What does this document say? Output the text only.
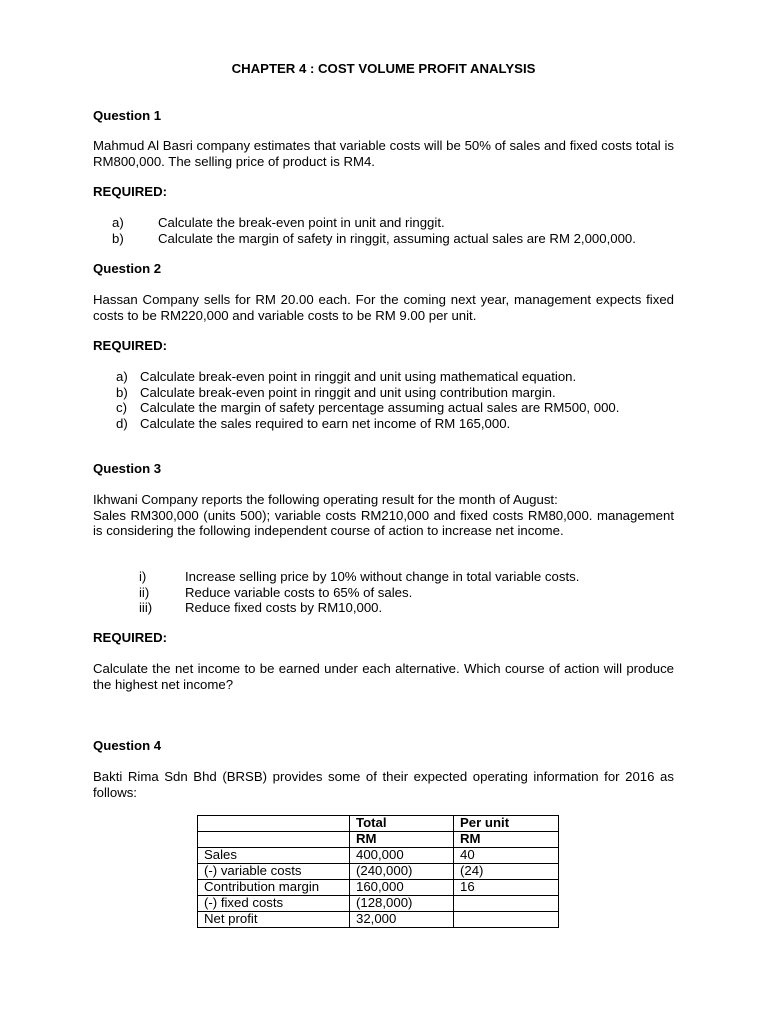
CHAPTER 4 : COST VOLUME PROFIT ANALYSIS
Question 1
Mahmud Al Basri company estimates that variable costs will be 50% of sales and fixed costs total is RM800,000. The selling price of product is RM4.
REQUIRED:
a)	Calculate the break-even point in unit and ringgit.
b)	Calculate the margin of safety in ringgit, assuming actual sales are RM 2,000,000.
Question 2
Hassan Company sells for RM 20.00 each. For the coming next year, management expects fixed costs to be RM220,000 and variable costs to be RM 9.00 per unit.
REQUIRED:
a) Calculate break-even point in ringgit and unit using mathematical equation.
b) Calculate break-even point in ringgit and unit using contribution margin.
c) Calculate the margin of safety percentage assuming actual sales are RM500, 000.
d) Calculate the sales required to earn net income of RM 165,000.
Question 3
Ikhwani Company reports the following operating result for the month of August:
Sales RM300,000 (units 500); variable costs RM210,000 and fixed costs RM80,000. management is considering the following independent course of action to increase net income.
i)	Increase selling price by 10% without change in total variable costs.
ii)	Reduce variable costs to 65% of sales.
iii) Reduce fixed costs by RM10,000.
REQUIRED:
Calculate the net income to be earned under each alternative. Which course of action will produce the highest net income?
Question 4
Bakti Rima Sdn Bhd (BRSB) provides some of their expected operating information for 2016 as follows:
	Total	Per unit
	RM	RM
Sales	400,000	40
(-) variable costs	(240,000)	(24)
Contribution margin	160,000	16
(-) fixed costs	(128,000)	
Net profit	32,000	
